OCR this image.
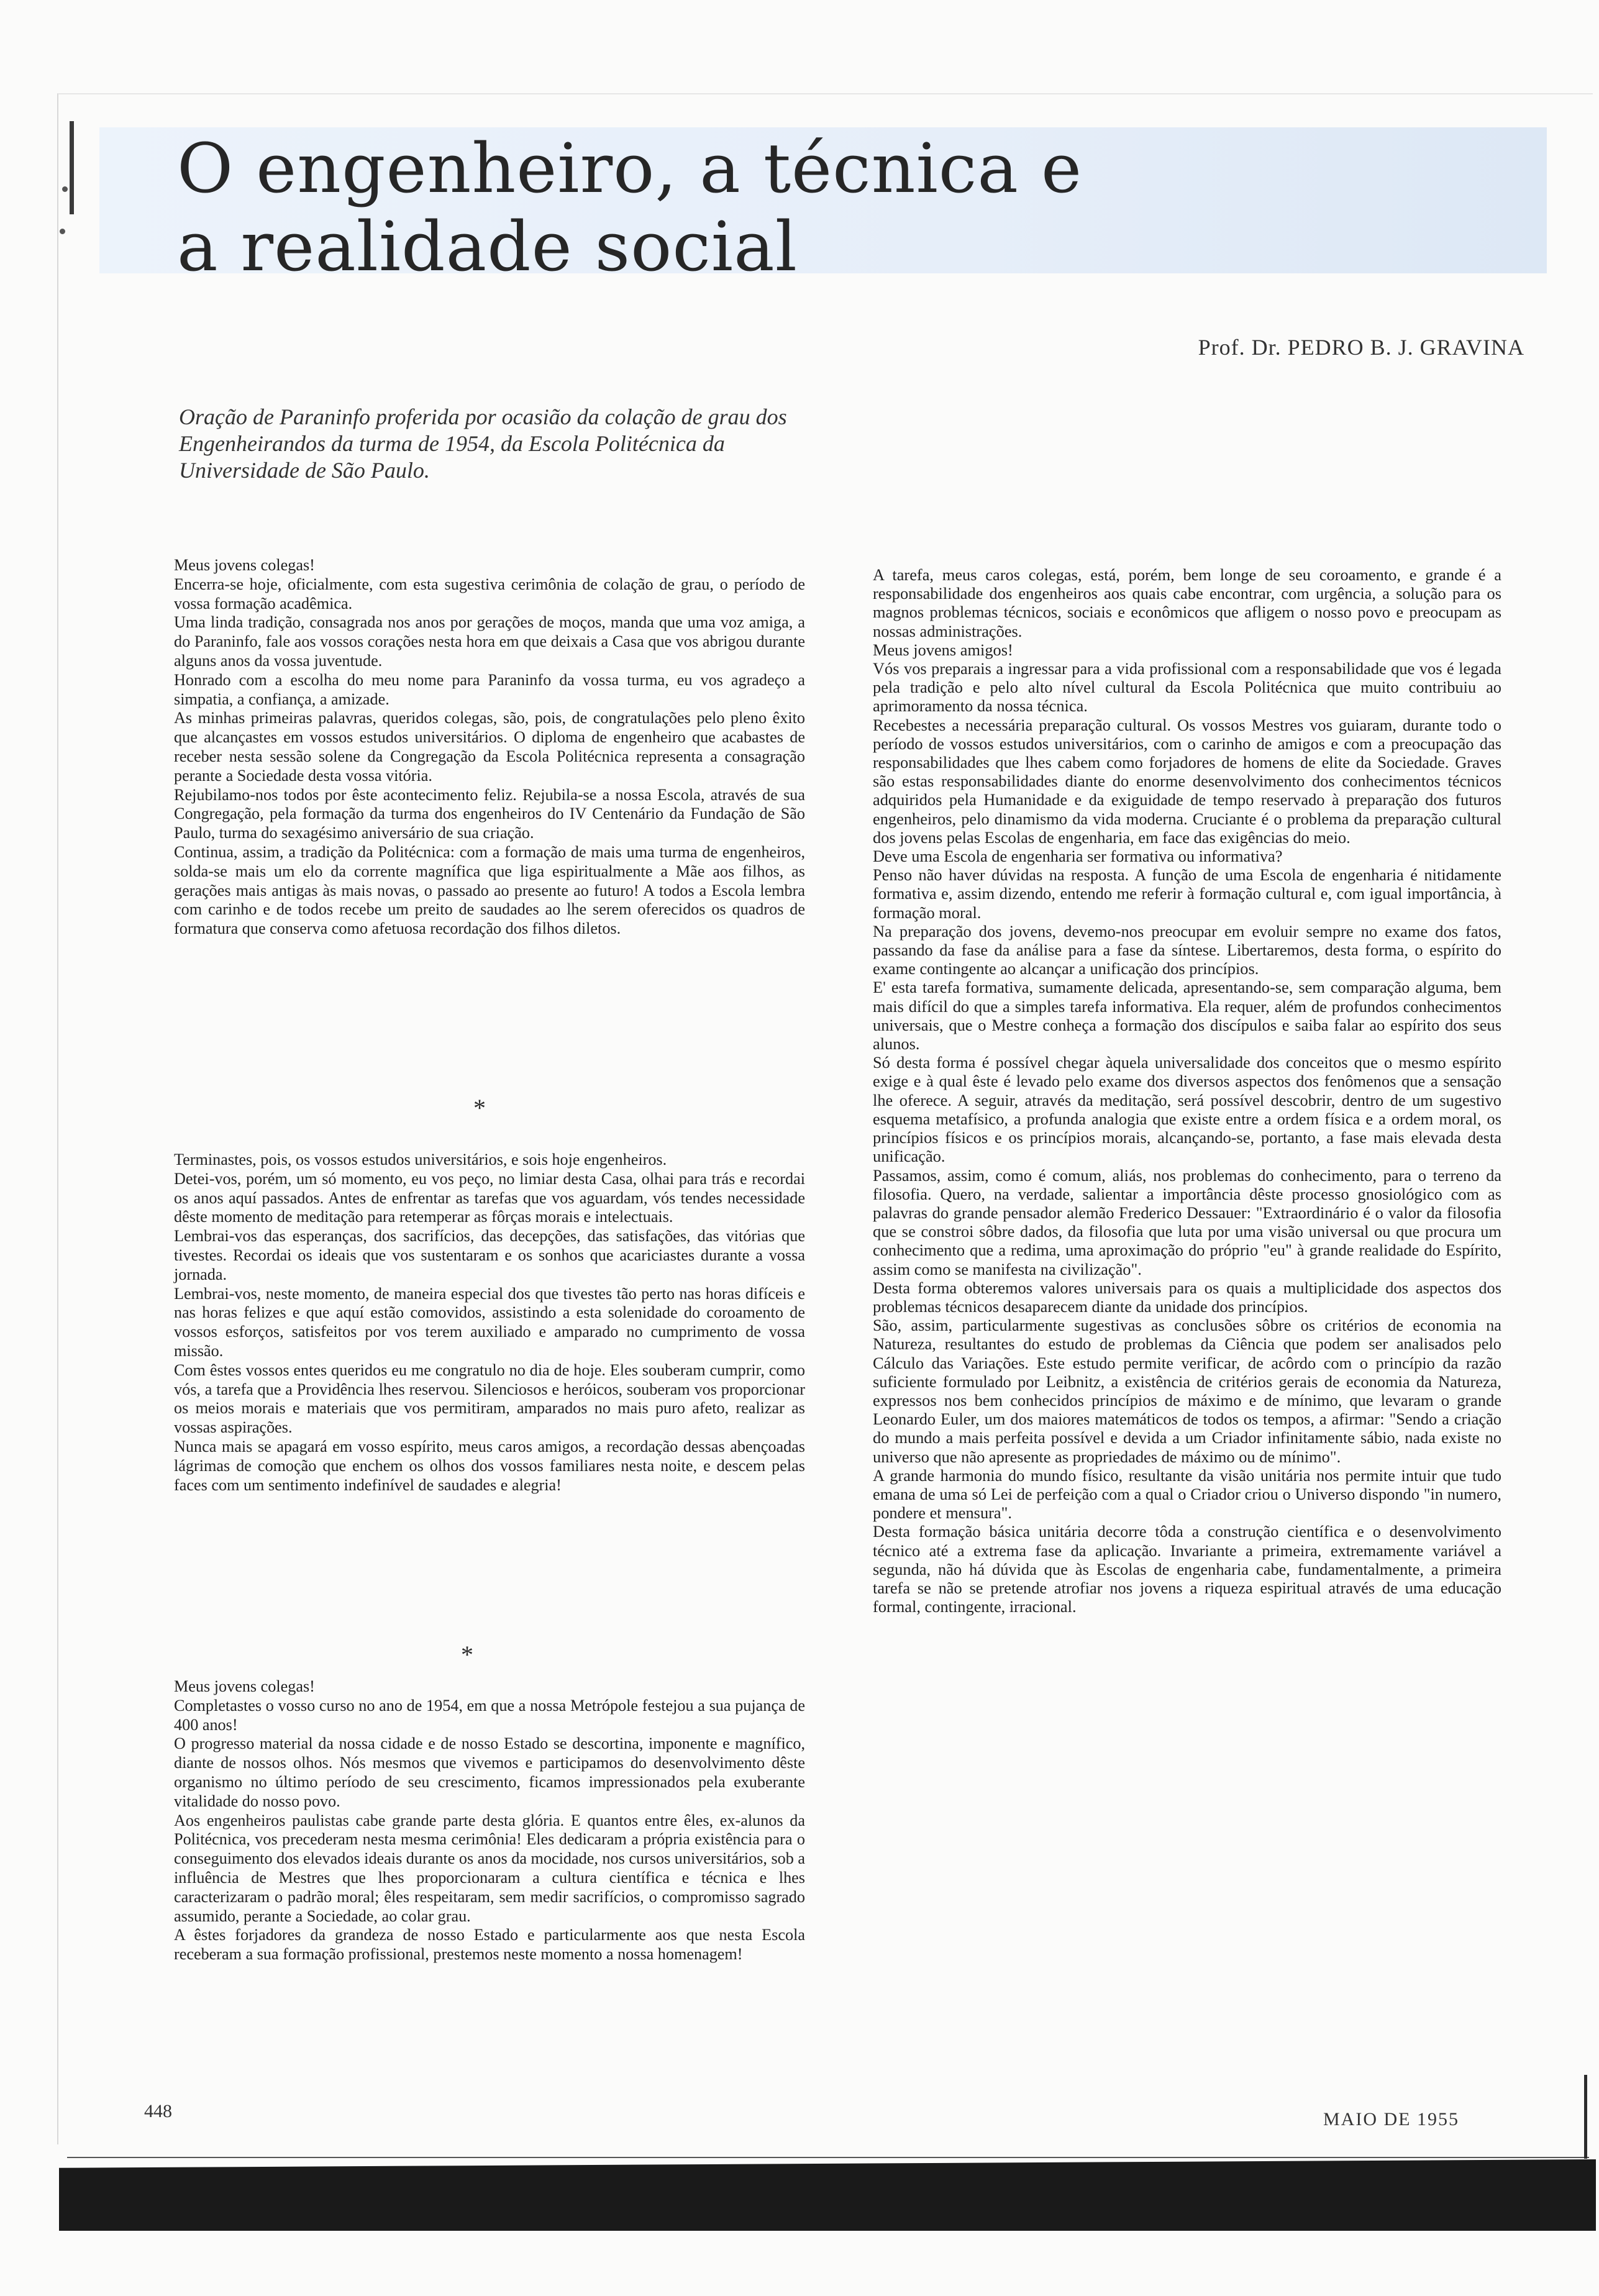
O engenheiro, a técnica e
a realidade social
Prof. Dr. PEDRO B. J. GRAVINA

Oração de Paraninfo proferida por ocasião da colação de grau dos Engenheirandos da turma de 1954, da Escola Politécnica da Universidade de São Paulo.

Meus jovens colegas!

Encerra-se hoje, oficialmente, com esta sugestiva cerimônia de colação de grau, o período de vossa formação acadêmica.

Uma linda tradição, consagrada nos anos por gerações de moços, manda que uma voz amiga, a do Paraninfo, fale aos vossos corações nesta hora em que deixais a Casa que vos abrigou durante alguns anos da vossa juventude.

Honrado com a escolha do meu nome para Paraninfo da vossa turma, eu vos agradeço a simpatia, a confiança, a amizade.

As minhas primeiras palavras, queridos colegas, são, pois, de congratulações pelo pleno êxito que alcançastes em vossos estudos universitários. O diploma de engenheiro que acabastes de receber nesta sessão solene da Congregação da Escola Politécnica representa a consagração perante a Sociedade desta vossa vitória.

Rejubilamo-nos todos por êste acontecimento feliz. Rejubila-se a nossa Escola, através de sua Congregação, pela formação da turma dos engenheiros do IV Centenário da Fundação de São Paulo, turma do sexagésimo aniversário de sua criação.

Continua, assim, a tradição da Politécnica: com a formação de mais uma turma de engenheiros, solda-se mais um elo da corrente magnífica que liga espiritualmente a Mãe aos filhos, as gerações mais antigas às mais novas, o passado ao presente ao futuro! A todos a Escola lembra com carinho e de todos recebe um preito de saudades ao lhe serem oferecidos os quadros de formatura que conserva como afetuosa recordação dos filhos diletos.

*

Terminastes, pois, os vossos estudos universitários, e sois hoje engenheiros.

Detei-vos, porém, um só momento, eu vos peço, no limiar desta Casa, olhai para trás e recordai os anos aquí passados. Antes de enfrentar as tarefas que vos aguardam, vós tendes necessidade dêste momento de meditação para retemperar as fôrças morais e intelectuais.

Lembrai-vos das esperanças, dos sacrifícios, das decepções, das satisfações, das vitórias que tivestes. Recordai os ideais que vos sustentaram e os sonhos que acariciastes durante a vossa jornada.

Lembrai-vos, neste momento, de maneira especial dos que tivestes tão perto nas horas difíceis e nas horas felizes e que aquí estão comovidos, assistindo a esta solenidade do coroamento de vossos esforços, satisfeitos por vos terem auxiliado e amparado no cumprimento de vossa missão.

Com êstes vossos entes queridos eu me congratulo no dia de hoje. Eles souberam cumprir, como vós, a tarefa que a Providência lhes reservou. Silenciosos e heróicos, souberam vos proporcionar os meios morais e materiais que vos permitiram, amparados no mais puro afeto, realizar as vossas aspirações.

Nunca mais se apagará em vosso espírito, meus caros amigos, a recordação dessas abençoadas lágrimas de comoção que enchem os olhos dos vossos familiares nesta noite, e descem pelas faces com um sentimento indefinível de saudades e alegria!

*

Meus jovens colegas!

Completastes o vosso curso no ano de 1954, em que a nossa Metrópole festejou a sua pujança de 400 anos!

O progresso material da nossa cidade e de nosso Estado se descortina, imponente e magnífico, diante de nossos olhos. Nós mesmos que vivemos e participamos do desenvolvimento dêste organismo no último período de seu crescimento, ficamos impressionados pela exuberante vitalidade do nosso povo.

Aos engenheiros paulistas cabe grande parte desta glória. E quantos entre êles, ex-alunos da Politécnica, vos precederam nesta mesma cerimônia! Eles dedicaram a própria existência para o conseguimento dos elevados ideais durante os anos da mocidade, nos cursos universitários, sob a influência de Mestres que lhes proporcionaram a cultura científica e técnica e lhes caracterizaram o padrão moral; êles respeitaram, sem medir sacrifícios, o compromisso sagrado assumido, perante a Sociedade, ao colar grau.

A êstes forjadores da grandeza de nosso Estado e particularmente aos que nesta Escola receberam a sua formação profissional, prestemos neste momento a nossa homenagem!

A tarefa, meus caros colegas, está, porém, bem longe de seu coroamento, e grande é a responsabilidade dos engenheiros aos quais cabe encontrar, com urgência, a solução para os magnos problemas técnicos, sociais e econômicos que afligem o nosso povo e preocupam as nossas administrações.

Meus jovens amigos!

Vós vos preparais a ingressar para a vida profissional com a responsabilidade que vos é legada pela tradição e pelo alto nível cultural da Escola Politécnica que muito contribuiu ao aprimoramento da nossa técnica.

Recebestes a necessária preparação cultural. Os vossos Mestres vos guiaram, durante todo o período de vossos estudos universitários, com o carinho de amigos e com a preocupação das responsabilidades que lhes cabem como forjadores de homens de elite da Sociedade. Graves são estas responsabilidades diante do enorme desenvolvimento dos conhecimentos técnicos adquiridos pela Humanidade e da exiguidade de tempo reservado à preparação dos futuros engenheiros, pelo dinamismo da vida moderna. Cruciante é o problema da preparação cultural dos jovens pelas Escolas de engenharia, em face das exigências do meio.

Deve uma Escola de engenharia ser formativa ou informativa?

Penso não haver dúvidas na resposta. A função de uma Escola de engenharia é nitidamente formativa e, assim dizendo, entendo me referir à formação cultural e, com igual importância, à formação moral.

Na preparação dos jovens, devemo-nos preocupar em evoluir sempre no exame dos fatos, passando da fase da análise para a fase da síntese. Libertaremos, desta forma, o espírito do exame contingente ao alcançar a unificação dos princípios.

E' esta tarefa formativa, sumamente delicada, apresentando-se, sem comparação alguma, bem mais difícil do que a simples tarefa informativa. Ela requer, além de profundos conhecimentos universais, que o Mestre conheça a formação dos discípulos e saiba falar ao espírito dos seus alunos.

Só desta forma é possível chegar àquela universalidade dos conceitos que o mesmo espírito exige e à qual êste é levado pelo exame dos diversos aspectos dos fenômenos que a sensação lhe oferece. A seguir, através da meditação, será possível descobrir, dentro de um sugestivo esquema metafísico, a profunda analogia que existe entre a ordem física e a ordem moral, os princípios físicos e os princípios morais, alcançando-se, portanto, a fase mais elevada desta unificação.

Passamos, assim, como é comum, aliás, nos problemas do conhecimento, para o terreno da filosofia. Quero, na verdade, salientar a importância dêste processo gnosiológico com as palavras do grande pensador alemão Frederico Dessauer: "Extraordinário é o valor da filosofia que se constroi sôbre dados, da filosofia que luta por uma visão universal ou que procura um conhecimento que a redima, uma aproximação do próprio "eu" à grande realidade do Espírito, assim como se manifesta na civilização".

Desta forma obteremos valores universais para os quais a multiplicidade dos aspectos dos problemas técnicos desaparecem diante da unidade dos princípios.

São, assim, particularmente sugestivas as conclusões sôbre os critérios de economia na Natureza, resultantes do estudo de problemas da Ciência que podem ser analisados pelo Cálculo das Variações. Este estudo permite verificar, de acôrdo com o princípio da razão suficiente formulado por Leibnitz, a existência de critérios gerais de economia da Natureza, expressos nos bem conhecidos princípios de máximo e de mínimo, que levaram o grande Leonardo Euler, um dos maiores matemáticos de todos os tempos, a afirmar: "Sendo a criação do mundo a mais perfeita possível e devida a um Criador infinitamente sábio, nada existe no universo que não apresente as propriedades de máximo ou de mínimo".

A grande harmonia do mundo físico, resultante da visão unitária nos permite intuir que tudo emana de uma só Lei de perfeição com a qual o Criador criou o Universo dispondo "in numero, pondere et mensura".

Desta formação básica unitária decorre tôda a construção científica e o desenvolvimento técnico até a extrema fase da aplicação. Invariante a primeira, extremamente variável a segunda, não há dúvida que às Escolas de engenharia cabe, fundamentalmente, a primeira tarefa se não se pretende atrofiar nos jovens a riqueza espiritual através de uma educação formal, contingente, irracional.

448	MAIO DE 1955
